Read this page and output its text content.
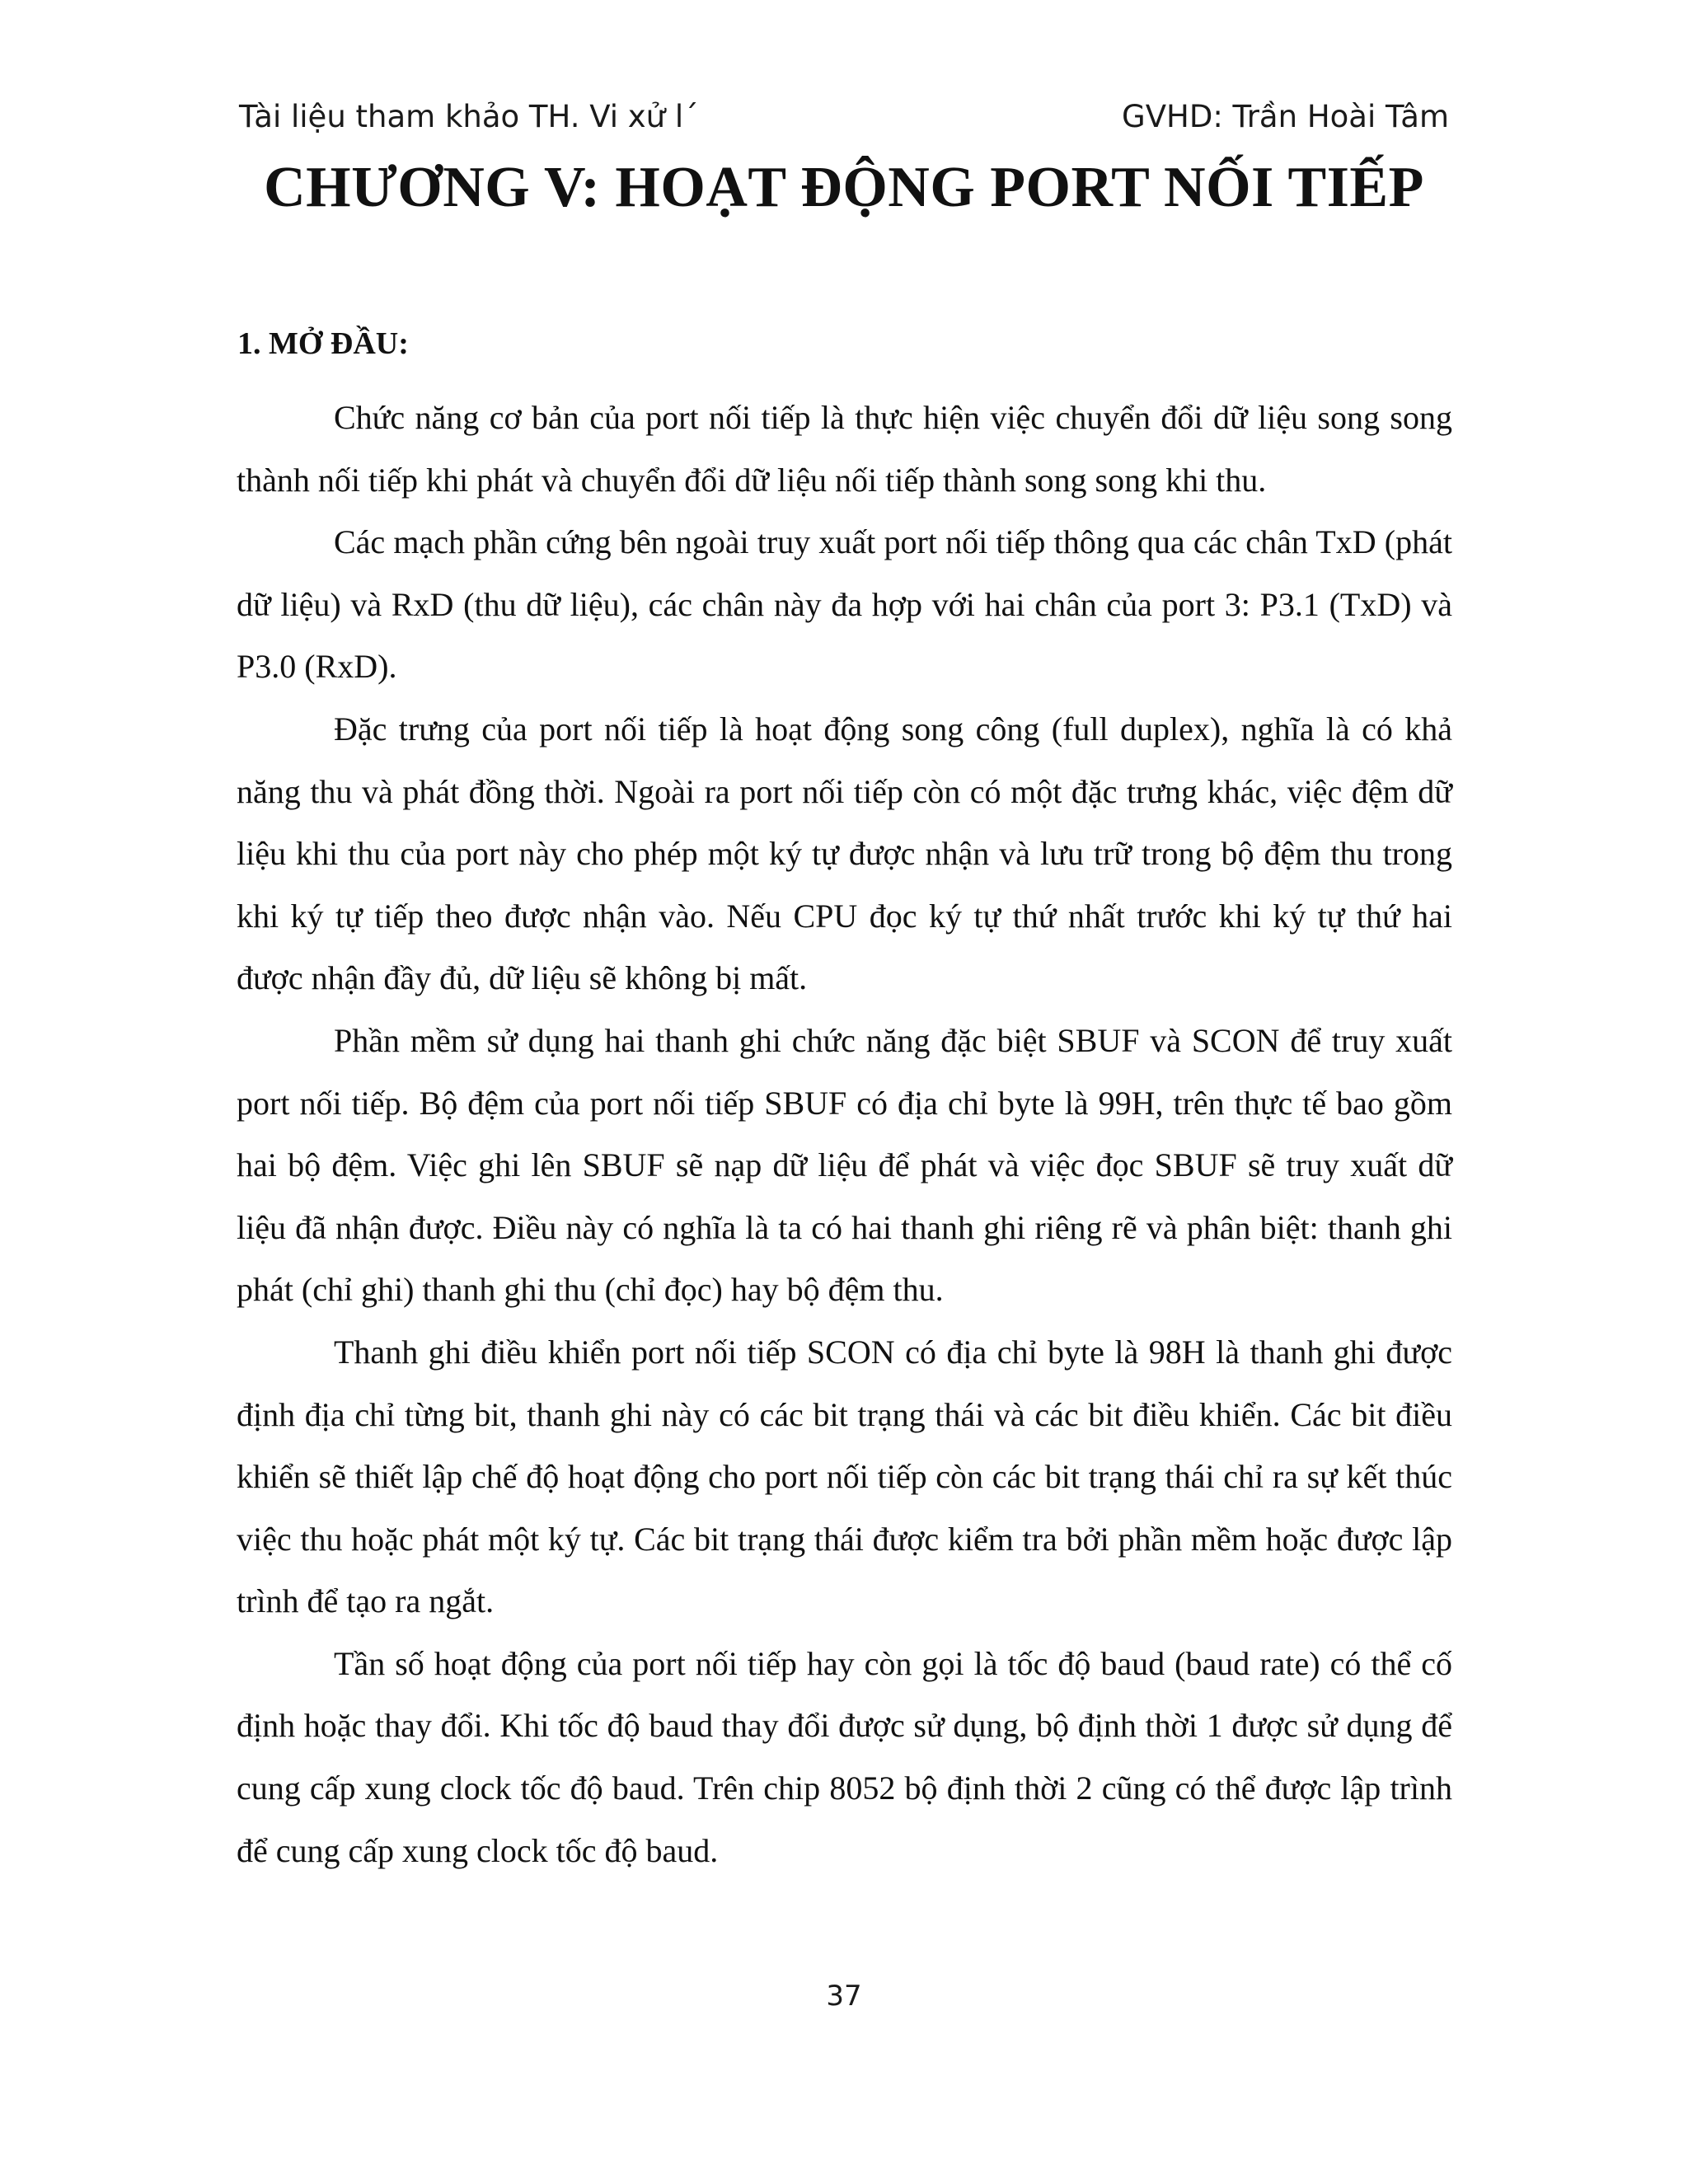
Tài liệu tham khảo TH. Vi xử l´	GVHD: Trần Hoài Tâm
CHƯƠNG V: HOẠT ĐỘNG PORT NỐI TIẾP
1. MỞ ĐẦU:

Chức năng cơ bản của port nối tiếp là thực hiện việc chuyển đổi dữ liệu song song thành nối tiếp khi phát và chuyển đổi dữ liệu nối tiếp thành song song khi thu.

Các mạch phần cứng bên ngoài truy xuất port nối tiếp thông qua các chân TxD (phát dữ liệu) và RxD (thu dữ liệu), các chân này đa hợp với hai chân của port 3: P3.1 (TxD) và P3.0 (RxD).

Đặc trưng của port nối tiếp là hoạt động song công (full duplex), nghĩa là có khả năng thu và phát đồng thời. Ngoài ra port nối tiếp còn có một đặc trưng khác, việc đệm dữ liệu khi thu của port này cho phép một ký tự được nhận và lưu trữ trong bộ đệm thu trong khi ký tự tiếp theo được nhận vào. Nếu CPU đọc ký tự thứ nhất trước khi ký tự thứ hai được nhận đầy đủ, dữ liệu sẽ không bị mất.

Phần mềm sử dụng hai thanh ghi chức năng đặc biệt SBUF và SCON để truy xuất port nối tiếp. Bộ đệm của port nối tiếp SBUF có địa chỉ byte là 99H, trên thực tế bao gồm hai bộ đệm. Việc ghi lên SBUF sẽ nạp dữ liệu để phát và việc đọc SBUF sẽ truy xuất dữ liệu đã nhận được. Điều này có nghĩa là ta có hai thanh ghi riêng rẽ và phân biệt: thanh ghi phát (chỉ ghi) thanh ghi thu (chỉ đọc) hay bộ đệm thu.

Thanh ghi điều khiển port nối tiếp SCON có địa chỉ byte là 98H là thanh ghi được định địa chỉ từng bit, thanh ghi này có các bit trạng thái và các bit điều khiển. Các bit điều khiển sẽ thiết lập chế độ hoạt động cho port nối tiếp còn các bit trạng thái chỉ ra sự kết thúc việc thu hoặc phát một ký tự. Các bit trạng thái được kiểm tra bởi phần mềm hoặc được lập trình để tạo ra ngắt.

Tần số hoạt động của port nối tiếp hay còn gọi là tốc độ baud (baud rate) có thể cố định hoặc thay đổi. Khi tốc độ baud thay đổi được sử dụng, bộ định thời 1 được sử dụng để cung cấp xung clock tốc độ baud. Trên chip 8052 bộ định thời 2 cũng có thể được lập trình để cung cấp xung clock tốc độ baud.

37
